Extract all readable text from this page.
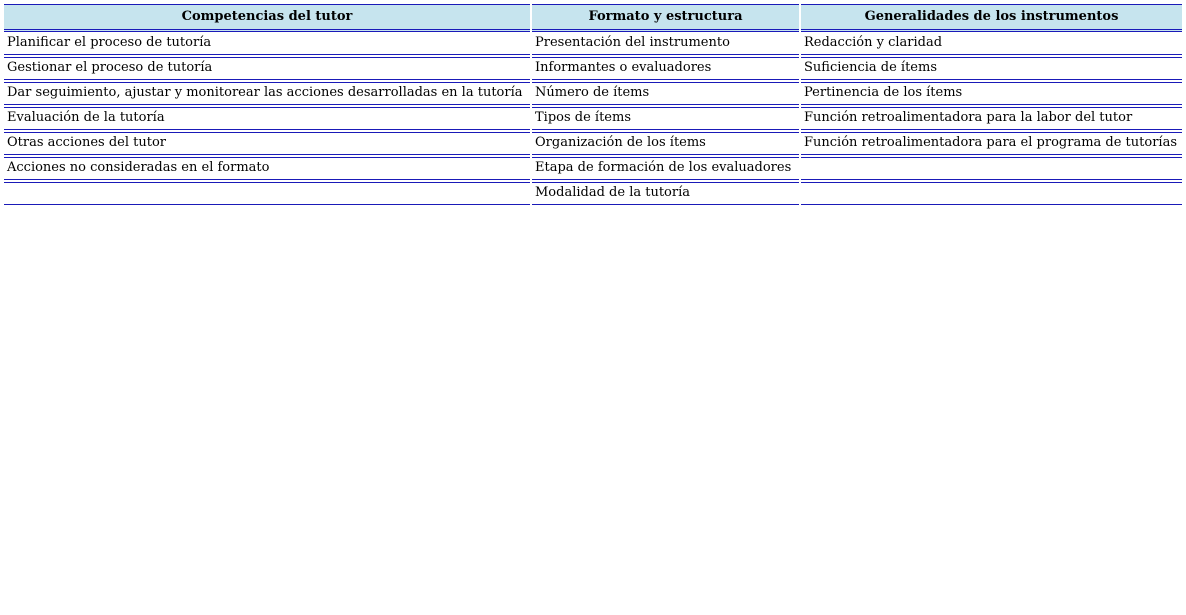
Competencias del tutor	Formato y estructura	Generalidades de los instrumentos
Planificar el proceso de tutoría	Presentación del instrumento	Redacción y claridad
Gestionar el proceso de tutoría	Informantes o evaluadores	Suficiencia de ítems
Dar seguimiento, ajustar y monitorear las acciones desarrolladas en la tutoría	Número de ítems	Pertinencia de los ítems
Evaluación de la tutoría	Tipos de ítems	Función retroalimentadora para la labor del tutor
Otras acciones del tutor	Organización de los ítems	Función retroalimentadora para el programa de tutorías
Acciones no consideradas en el formato	Etapa de formación de los evaluadores	
	Modalidad de la tutoría	
